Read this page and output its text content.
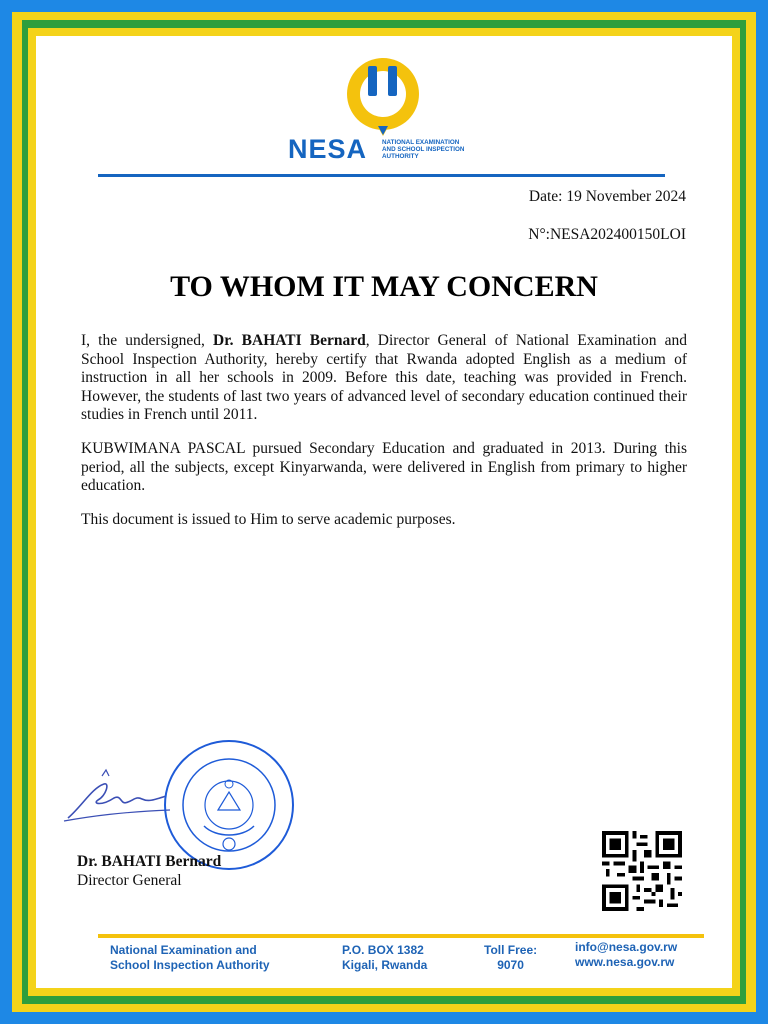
NESA NATIONAL EXAMINATION
AND SCHOOL INSPECTION
AUTHORITY
Date: 19 November 2024
N°:NESA202400150LOI
TO WHOM IT MAY CONCERN

I, the undersigned, Dr. BAHATI Bernard, Director General of National Examination and School Inspection Authority, hereby certify that Rwanda adopted English as a medium of instruction in all her schools in 2009. Before this date, teaching was provided in French. However, the students of last two years of advanced level of secondary education continued their studies in French until 2011.

KUBWIMANA PASCAL pursued Secondary Education and graduated in 2013. During this period, all the subjects, except Kinyarwanda, were delivered in English from primary to higher education.

This document is issued to Him to serve academic purposes.

Dr. BAHATI Bernard
Director General
National Examination and
School Inspection Authority
P.O. BOX 1382
Kigali, Rwanda
Toll Free:
9070
info@nesa.gov.rw
www.nesa.gov.rw
